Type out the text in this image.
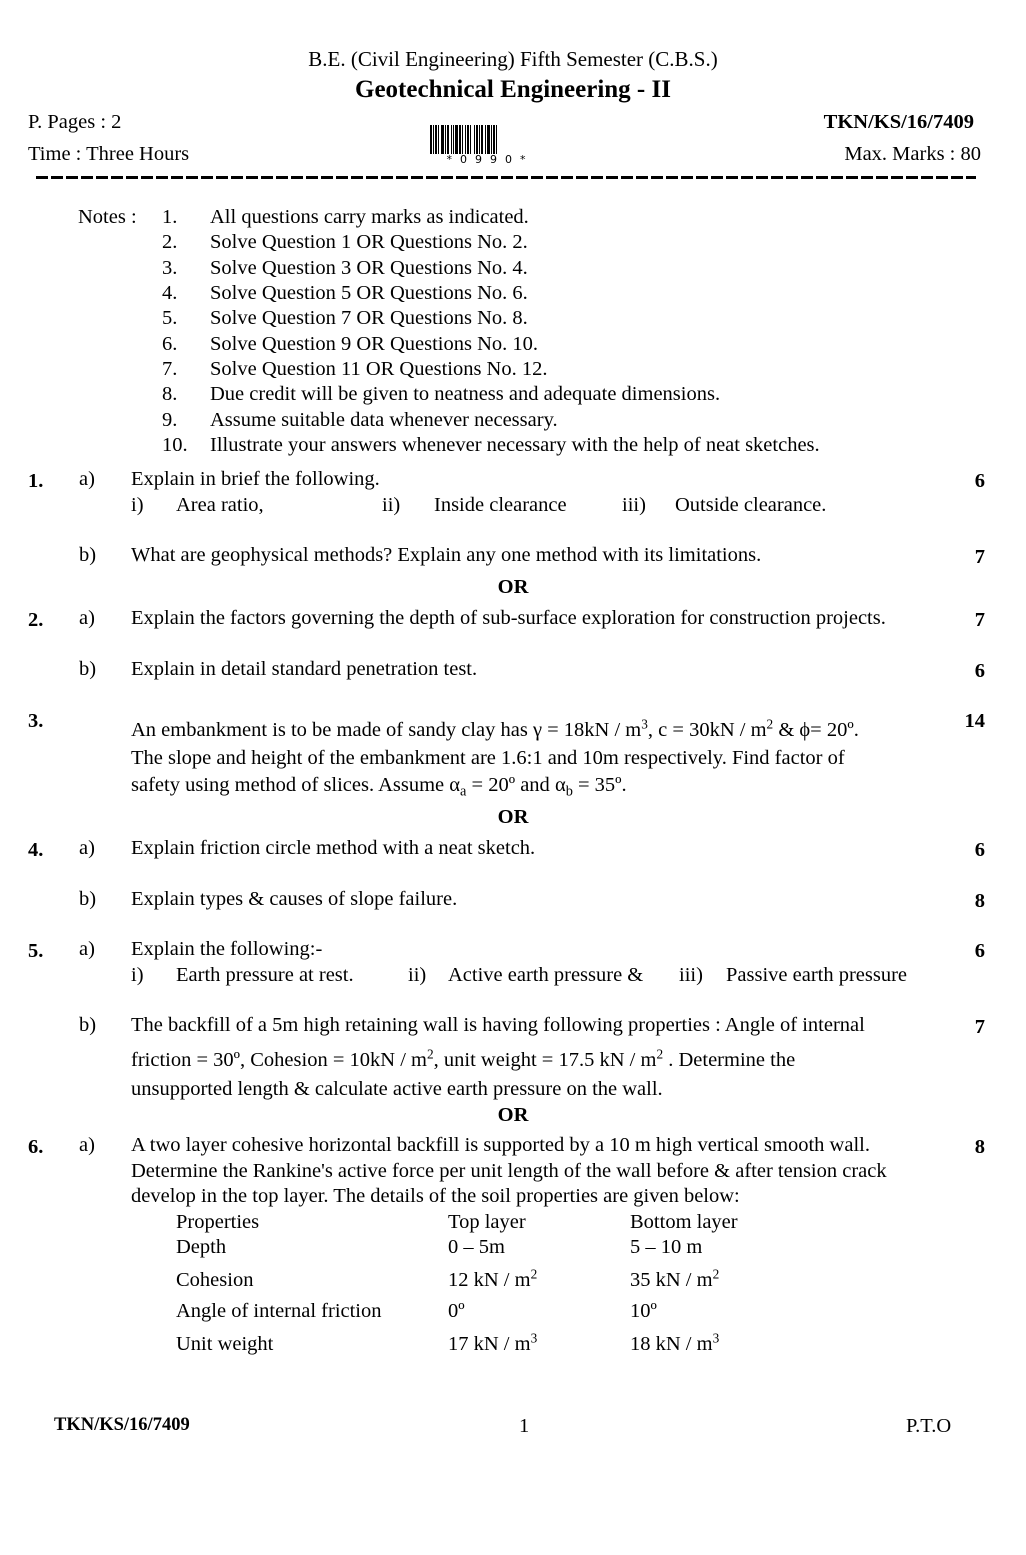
B.E. (Civil Engineering) Fifth Semester (C.B.S.)
Geotechnical Engineering - II
P. Pages : 2	TKN/KS/16/7409
Time : Three Hours	Max. Marks : 80
*0990*
Notes : 1. All questions carry marks as indicated.
2. Solve Question 1 OR Questions No. 2.
3. Solve Question 3 OR Questions No. 4.
4. Solve Question 5 OR Questions No. 6.
5. Solve Question 7 OR Questions No. 8.
6. Solve Question 9 OR Questions No. 10.
7. Solve Question 11 OR Questions No. 12.
8. Due credit will be given to neatness and adequate dimensions.
9. Assume suitable data whenever necessary.
10. Illustrate your answers whenever necessary with the help of neat sketches.
1. a) Explain in brief the following.	6
i) Area ratio,	ii) Inside clearance	iii) Outside clearance.
b) What are geophysical methods? Explain any one method with its limitations.	7
OR
2. a) Explain the factors governing the depth of sub-surface exploration for construction projects.	7
b) Explain in detail standard penetration test.	6
3.	14
An embankment is to be made of sandy clay has $\gamma = 18kN / m^3$, $c = 30kN / m^2$ & ϕ= 20º.
The slope and height of the embankment are 1.6:1 and 10m respectively. Find factor of
safety using method of slices. Assume $\alpha_a$ = 20º and $\alpha_b$ = 35º.
OR
4. a) Explain friction circle method with a neat sketch.	6
b) Explain types & causes of slope failure.	8
5. a) Explain the following:-	6
i) Earth pressure at rest.	ii) Active earth pressure & iii) Passive earth pressure
b) The backfill of a 5m high retaining wall is having following properties : Angle of internal	7
friction = 30º, Cohesion = $10kN / m^2$, unit weight = 17.5 kN / $m^2$ . Determine the
unsupported length & calculate active earth pressure on the wall.
OR
6. a) A two layer cohesive horizontal backfill is supported by a 10 m high vertical smooth wall.	8
Determine the Rankine's active force per unit length of the wall before & after tension crack
develop in the top layer. The details of the soil properties are given below:
Properties	Top layer	Bottom layer
Depth	0 – 5m	5 – 10 m
Cohesion	12 kN / $m^2$	35 kN / $m^2$
Angle of internal friction	0º	10º
Unit weight	17 kN / $m^3$	18 kN / $m^3$
TKN/KS/16/7409	1	P.T.O
